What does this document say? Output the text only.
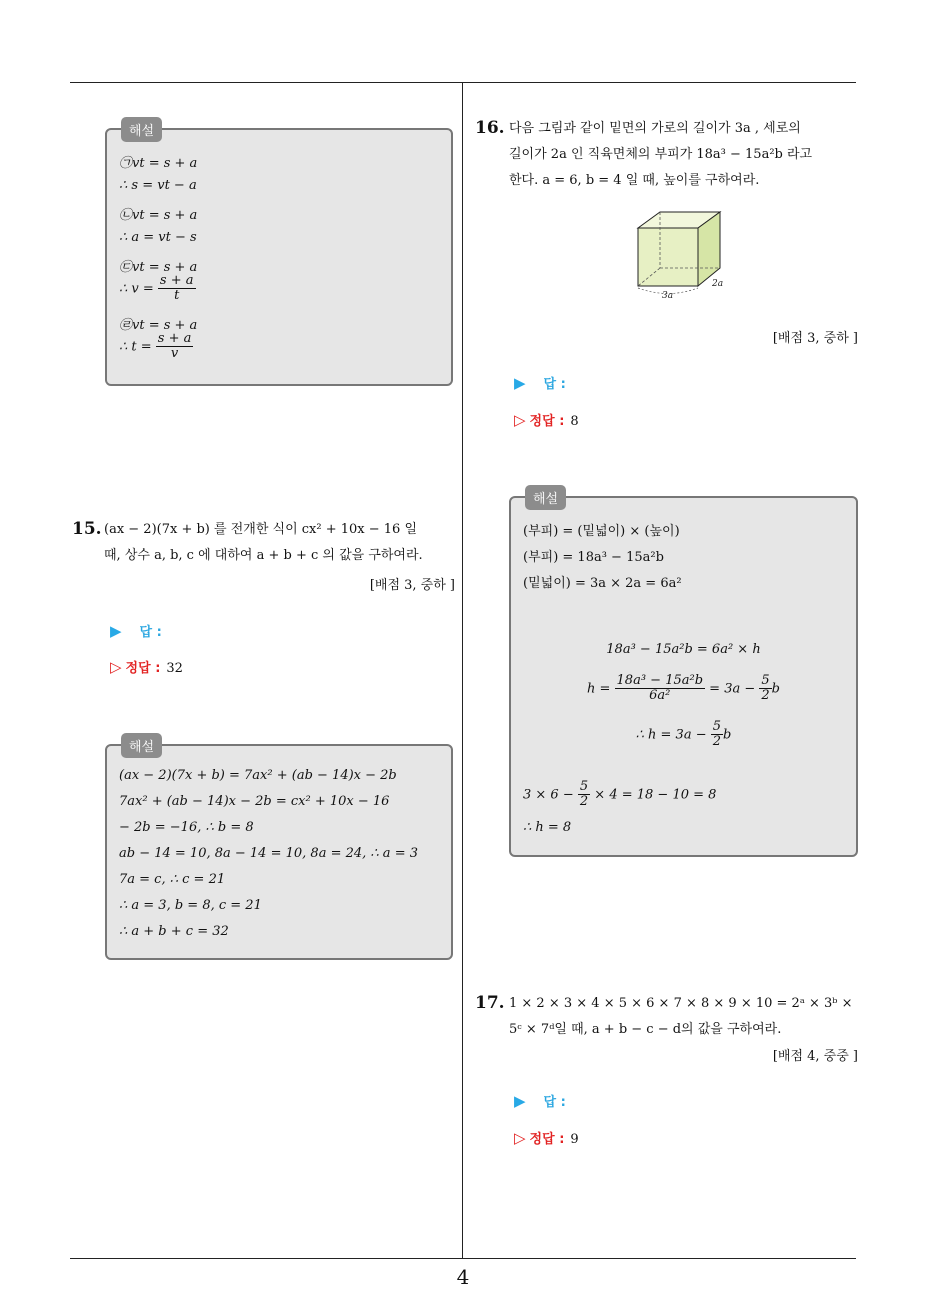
4
해설
㉠vt = s + a
∴ s = vt − a
㉡vt = s + a
∴ a = vt − s
㉢vt = s + a
∴ $v = \frac{s + a}{t}$
㉣vt = s + a
∴ $t = \frac{s + a}{v}$
15. (ax − 2)(7x + b) 를 전개한 식이 cx² + 10x − 16 일
때, 상수 a, b, c 에 대하여 a + b + c 의 값을 구하여라.
[배점 3, 중하 ]
▶ 답 :
▷ 정답 : 32
해설
(ax − 2)(7x + b) = 7ax² + (ab − 14)x − 2b
7ax² + (ab − 14)x − 2b = cx² + 10x − 16
− 2b = −16, ∴ b = 8
ab − 14 = 10, 8a − 14 = 10, 8a = 24, ∴ a = 3
7a = c, ∴ c = 21
∴ a = 3, b = 8, c = 21
∴ a + b + c = 32
16. 다음 그림과 같이 밑면의 가로의 길이가 3a , 세로의
길이가 2a 인 직육면체의 부피가 18a³ − 15a²b 라고
한다. a = 6, b = 4 일 때, 높이를 구하여라.
3a
2a
[배점 3, 중하 ]
▶ 답 :
▷ 정답 : 8
해설
(부피) = (밑넓이) × (높이)
(부피) = 18a³ − 15a²b
(밑넓이) = 3a × 2a = 6a²
18a³ − 15a²b = 6a² × h
$h = \frac{\text{18a³ − 15a²b}}{\text{6a²}} = 3a - \frac{5}{2}$ b
∴ $h = 3a - \frac{5}{2}$ b
$3 \times 6 - \frac{5}{2} \times 4 = 18 - 10 = 8$
∴ h = 8
17. 1 × 2 × 3 × 4 × 5 × 6 × 7 × 8 × 9 × 10 = 2ᵃ × 3ᵇ ×
5ᶜ × 7ᵈ일 때, a + b − c − d의 값을 구하여라.
[배점 4, 중중 ]
▶ 답 :
▷ 정답 : 9
